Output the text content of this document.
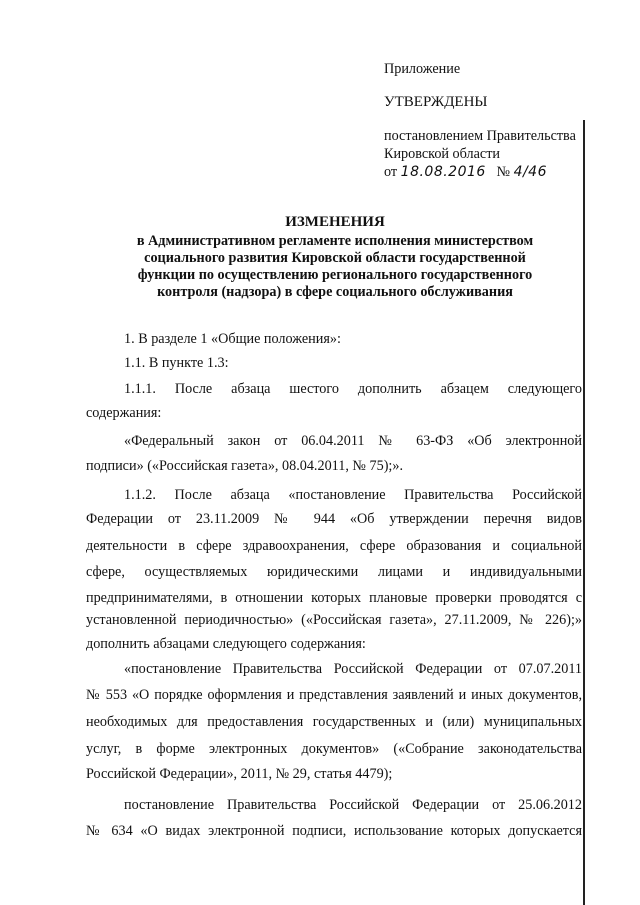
Приложение
УТВЕРЖДЕНЫ
постановлением Правительства
Кировской области
от 18.08.2016 № 4/46
ИЗМЕНЕНИЯ
в Административном регламенте исполнения министерством
социального развития Кировской области государственной
функции по осуществлению регионального государственного
контроля (надзора) в сфере социального обслуживания
1. В разделе 1 «Общие положения»:
1.1. В пункте 1.3:
1.1.1. После абзаца шестого дополнить абзацем следующего
содержания:
«Федеральный закон от 06.04.2011 № 63-ФЗ «Об электронной
подписи» («Российская газета», 08.04.2011, № 75);».
1.1.2. После абзаца «постановление Правительства Российской
Федерации от 23.11.2009 № 944 «Об утверждении перечня видов
деятельности в сфере здравоохранения, сфере образования и социальной
сфере, осуществляемых юридическими лицами и индивидуальными
предпринимателями, в отношении которых плановые проверки проводятся с
установленной периодичностью» («Российская газета», 27.11.2009, № 226);»
дополнить абзацами следующего содержания:
«постановление Правительства Российской Федерации от 07.07.2011
№ 553 «О порядке оформления и представления заявлений и иных документов,
необходимых для предоставления государственных и (или) муниципальных
услуг, в форме электронных документов» («Собрание законодательства
Российской Федерации», 2011, № 29, статья 4479);
постановление Правительства Российской Федерации от 25.06.2012
№ 634 «О видах электронной подписи, использование которых допускается
